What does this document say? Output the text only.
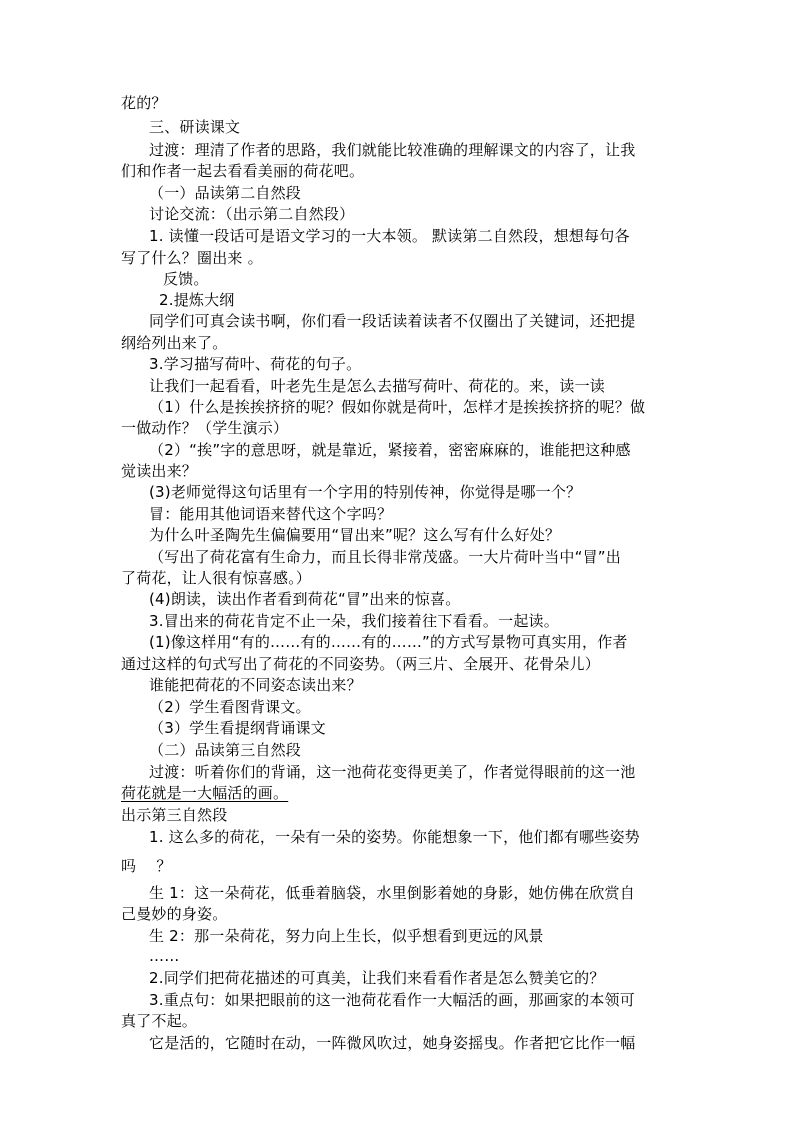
花的？
三、研读课文
过渡：理清了作者的思路，我们就能比较准确的理解课文的内容了，让我
们和作者一起去看看美丽的荷花吧。
（一）品读第二自然段
讨论交流：（出示第二自然段）
1. 读懂一段话可是语文学习的一大本领。 默读第二自然段，想想每句各
写了什么？圈出来 。
反馈。
2.提炼大纲
同学们可真会读书啊，你们看一段话读着读者不仅圈出了关键词，还把提
纲给列出来了。
3.学习描写荷叶、荷花的句子。
让我们一起看看，叶老先生是怎么去描写荷叶、荷花的。来，读一读
（1）什么是挨挨挤挤的呢？假如你就是荷叶，怎样才是挨挨挤挤的呢？做
一做动作？（学生演示）
（2）“挨”字的意思呀，就是靠近，紧接着，密密麻麻的，谁能把这种感
觉读出来？
(3)老师觉得这句话里有一个字用的特别传神，你觉得是哪一个？
冒：能用其他词语来替代这个字吗？
为什么叶圣陶先生偏偏要用“冒出来”呢？这么写有什么好处？
（写出了荷花富有生命力，而且长得非常茂盛。一大片荷叶当中“冒”出
了荷花，让人很有惊喜感。）
(4)朗读，读出作者看到荷花“冒”出来的惊喜。
3.冒出来的荷花肯定不止一朵，我们接着往下看看。一起读。
(1)像这样用“有的……有的……有的……”的方式写景物可真实用，作者
通过这样的句式写出了荷花的不同姿势。（两三片、全展开、花骨朵儿）
谁能把荷花的不同姿态读出来？
（2）学生看图背课文。
（3）学生看提纲背诵课文
（二）品读第三自然段
过渡：听着你们的背诵，这一池荷花变得更美了，作者觉得眼前的这一池
荷花就是一大幅活的画。
出示第三自然段
1. 这么多的荷花，一朵有一朵的姿势。你能想象一下，他们都有哪些姿势
吗　 ？
生 1：这一朵荷花，低垂着脑袋，水里倒影着她的身影，她仿佛在欣赏自
己曼妙的身姿。
生 2：那一朵荷花，努力向上生长，似乎想看到更远的风景
……
2.同学们把荷花描述的可真美，让我们来看看作者是怎么赞美它的？
3.重点句：如果把眼前的这一池荷花看作一大幅活的画，那画家的本领可
真了不起。
它是活的，它随时在动，一阵微风吹过，她身姿摇曳。作者把它比作一幅
